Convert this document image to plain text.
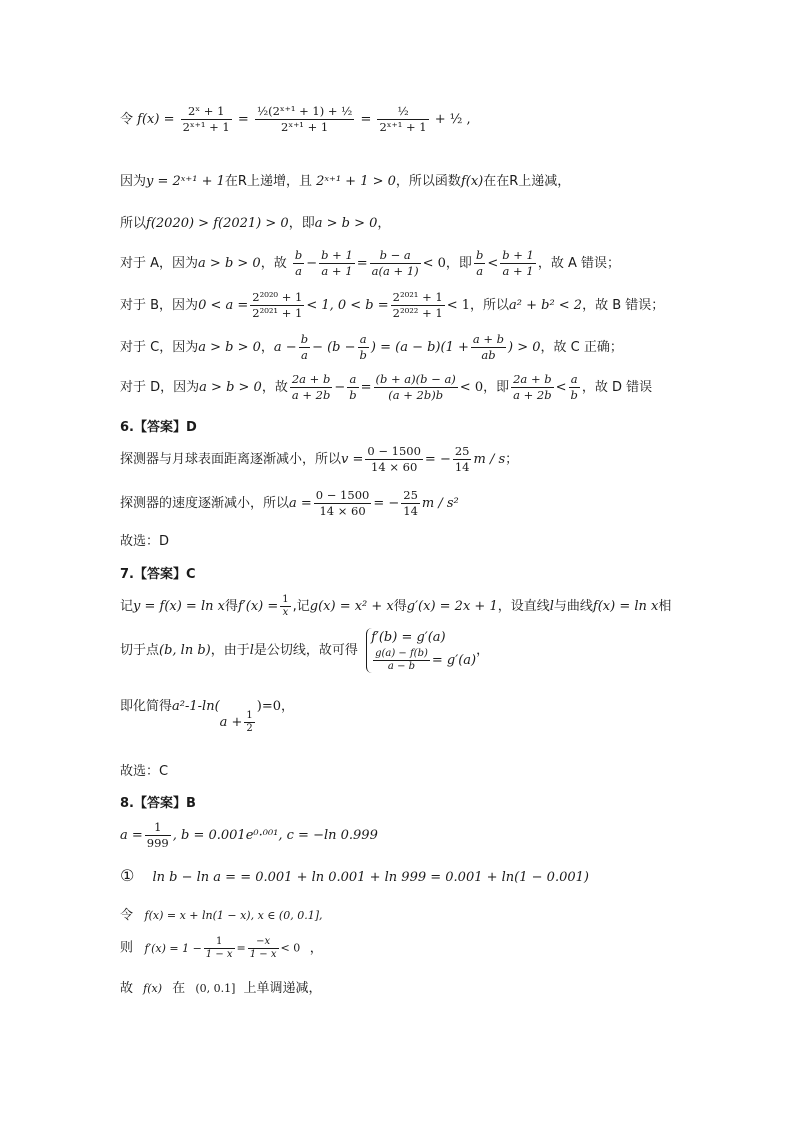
令 $f(x) = \frac{\text{2ˣ + 1}}{\text{2ˣ⁺¹ + 1}} = \frac{\text{½(2ˣ⁺¹ + 1) + ½}}{\text{2ˣ⁺¹ + 1}} = \frac{\text{½}}{\text{2ˣ⁺¹ + 1}}$ + ½ ,
因为y = 2ˣ⁺¹ + 1在R上递增，且 2ˣ⁺¹ + 1 > 0，所以函数f(x)在在R上递减，
所以f(2020) > f(2021) > 0，即a > b > 0，
对于 A，因为a > b > 0，故 $\frac{b}{a} - \frac{b + 1}{a + 1} = \frac{b - a}{a(a + 1)} < 0$，即 $\frac{b}{a} < \frac{b + 1}{a + 1}$ ，故 A 错误；
对于 B，因为$0 < a = \frac{\text{2²⁰²⁰ + 1}}{\text{2²⁰²¹ + 1}} < 1$, $0 < b = \frac{\text{2²⁰²¹ + 1}}{\text{2²⁰²² + 1}} < 1$，所以a² + b² < 2，故 B 错误；
对于 C，因为a > b > 0，$a - \frac{b}{a} - (b - \frac{a}{b}$ ) = $(a - b)(1 + \frac{a + b}{ab}$ ) > 0，故 C 正确；
对于 D，因为a > b > 0，故 $\frac{2a + b}{a + 2b} - \frac{a}{b} = \frac{(b + a)(b - a)}{(a + 2b)b} < 0$，即 $\frac{2a + b}{a + 2b} < \frac{a}{b}$ ，故 D 错误
6.【答案】D
探测器与月球表面距离逐渐减小，所以$v = \frac{0 - 1500}{14 \times 60}$ = − $\frac{25}{14}$ m / s；
探测器的速度逐渐减小，所以$a = \frac{0 - 1500}{14 \times 60}$ = − $\frac{25}{14}$ m / s²
故选：D
7.【答案】C
记y = f(x) = ln x得$f'(x) = \frac{1}{x}$ ,记g(x) = x² + x得g′(x) = 2x + 1，设直线l与曲线f(x) = ln x相
切于点(b, ln b)，由于l是公切线，故可得
f′(b) = g′(a)
$\frac{g(a) - f(b)}{a - b} = g'(a)$
，
即化简得$a^2-1-\ln(a + \frac{1}{2}$
)=0，
故选：C
8.【答案】B
$a = \frac{1}{999}$ , b = 0.001e⁰·⁰⁰¹, c = −ln 0.999
① ln b − ln a = = 0.001 + ln 0.001 + ln 999 = 0.001 + ln(1 − 0.001)
令 f(x) = x + ln(1 − x), x ∈ (0, 0.1],
则 $f'(x) = 1 - \frac{1}{1 - x} = \frac{-x}{1 - x} < 0$ ，
故 f(x) 在 (0, 0.1] 上单调递减，
